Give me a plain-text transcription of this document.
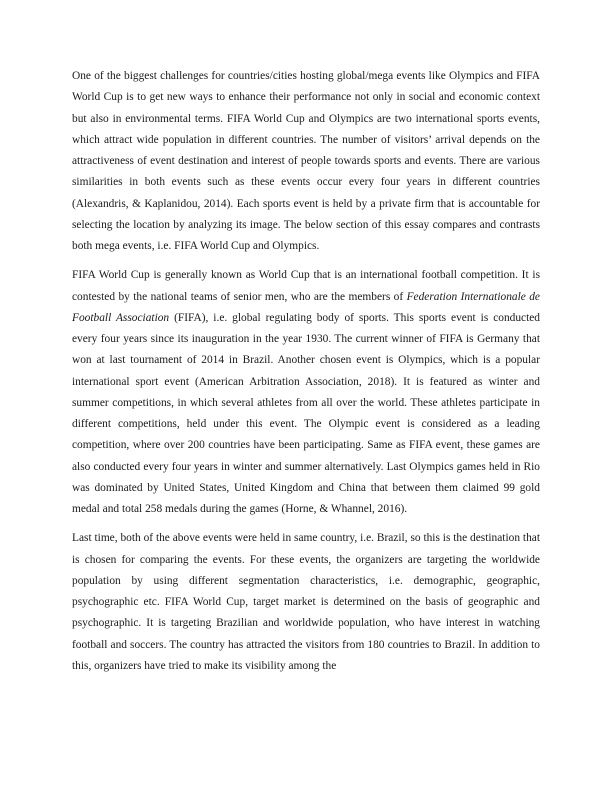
One of the biggest challenges for countries/cities hosting global/mega events like Olympics and FIFA World Cup is to get new ways to enhance their performance not only in social and economic context but also in environmental terms. FIFA World Cup and Olympics are two international sports events, which attract wide population in different countries. The number of visitors’ arrival depends on the attractiveness of event destination and interest of people towards sports and events. There are various similarities in both events such as these events occur every four years in different countries (Alexandris, & Kaplanidou, 2014). Each sports event is held by a private firm that is accountable for selecting the location by analyzing its image. The below section of this essay compares and contrasts both mega events, i.e. FIFA World Cup and Olympics.

FIFA World Cup is generally known as World Cup that is an international football competition. It is contested by the national teams of senior men, who are the members of Federation Internationale de Football Association (FIFA), i.e. global regulating body of sports. This sports event is conducted every four years since its inauguration in the year 1930. The current winner of FIFA is Germany that won at last tournament of 2014 in Brazil. Another chosen event is Olympics, which is a popular international sport event (American Arbitration Association, 2018). It is featured as winter and summer competitions, in which several athletes from all over the world. These athletes participate in different competitions, held under this event. The Olympic event is considered as a leading competition, where over 200 countries have been participating. Same as FIFA event, these games are also conducted every four years in winter and summer alternatively. Last Olympics games held in Rio was dominated by United States, United Kingdom and China that between them claimed 99 gold medal and total 258 medals during the games (Horne, & Whannel, 2016).

Last time, both of the above events were held in same country, i.e. Brazil, so this is the destination that is chosen for comparing the events. For these events, the organizers are targeting the worldwide population by using different segmentation characteristics, i.e. demographic, geographic, psychographic etc. FIFA World Cup, target market is determined on the basis of geographic and psychographic. It is targeting Brazilian and worldwide population, who have interest in watching football and soccers. The country has attracted the visitors from 180 countries to Brazil. In addition to this, organizers have tried to make its visibility among the
